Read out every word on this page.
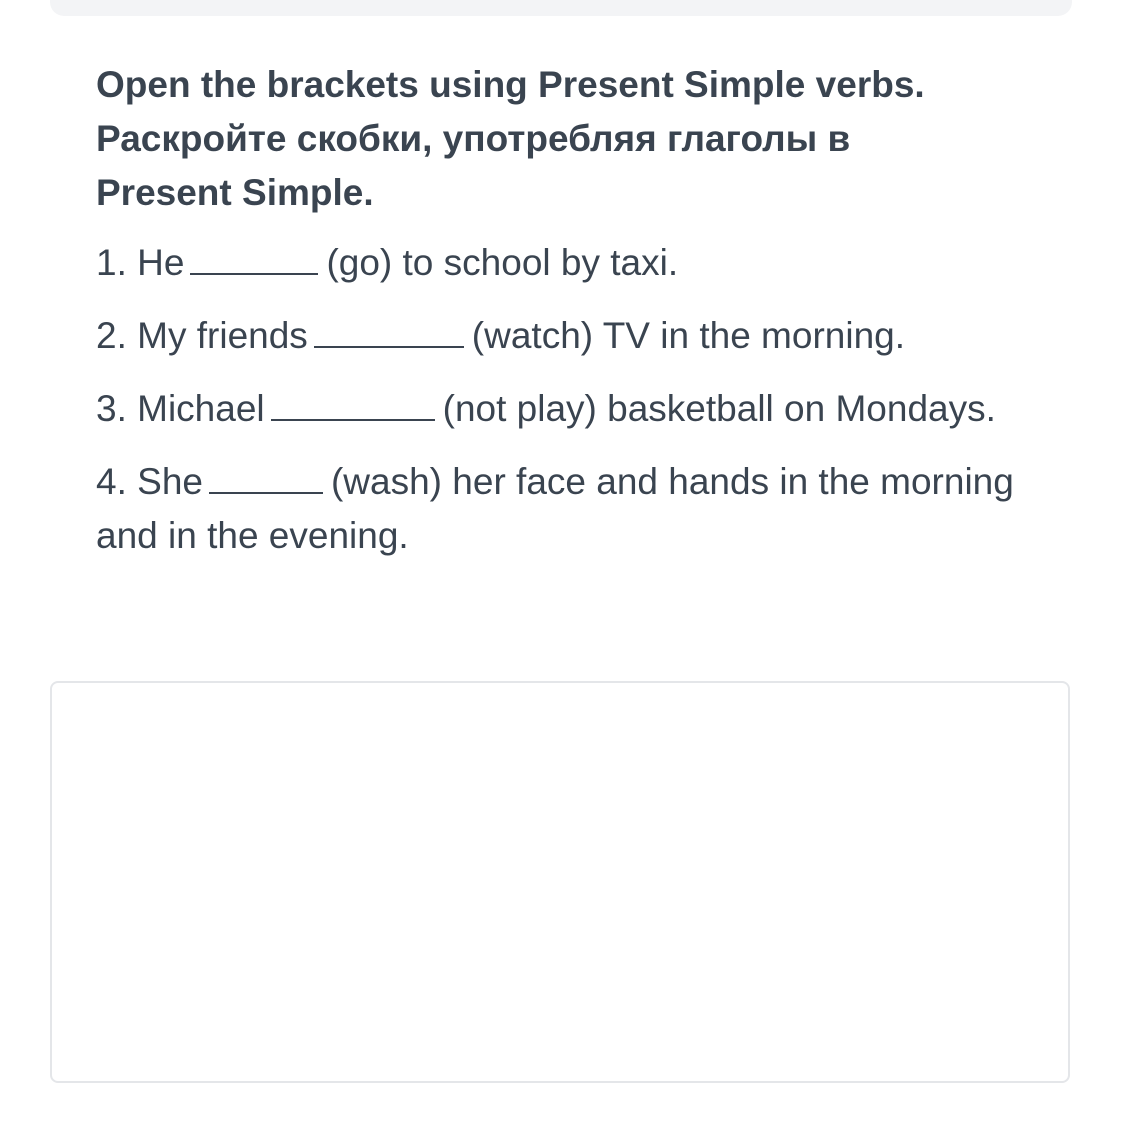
Open the brackets using Present Simple verbs.
Раскройте скобки, употребляя глаголы в
Present Simple.

1. He	(go) to school by taxi.
2. My friends	(watch) TV in the morning.
3. Michael	(not play) basketball on Mondays.
4. She	(wash) her face and hands in the morning and in the evening.
